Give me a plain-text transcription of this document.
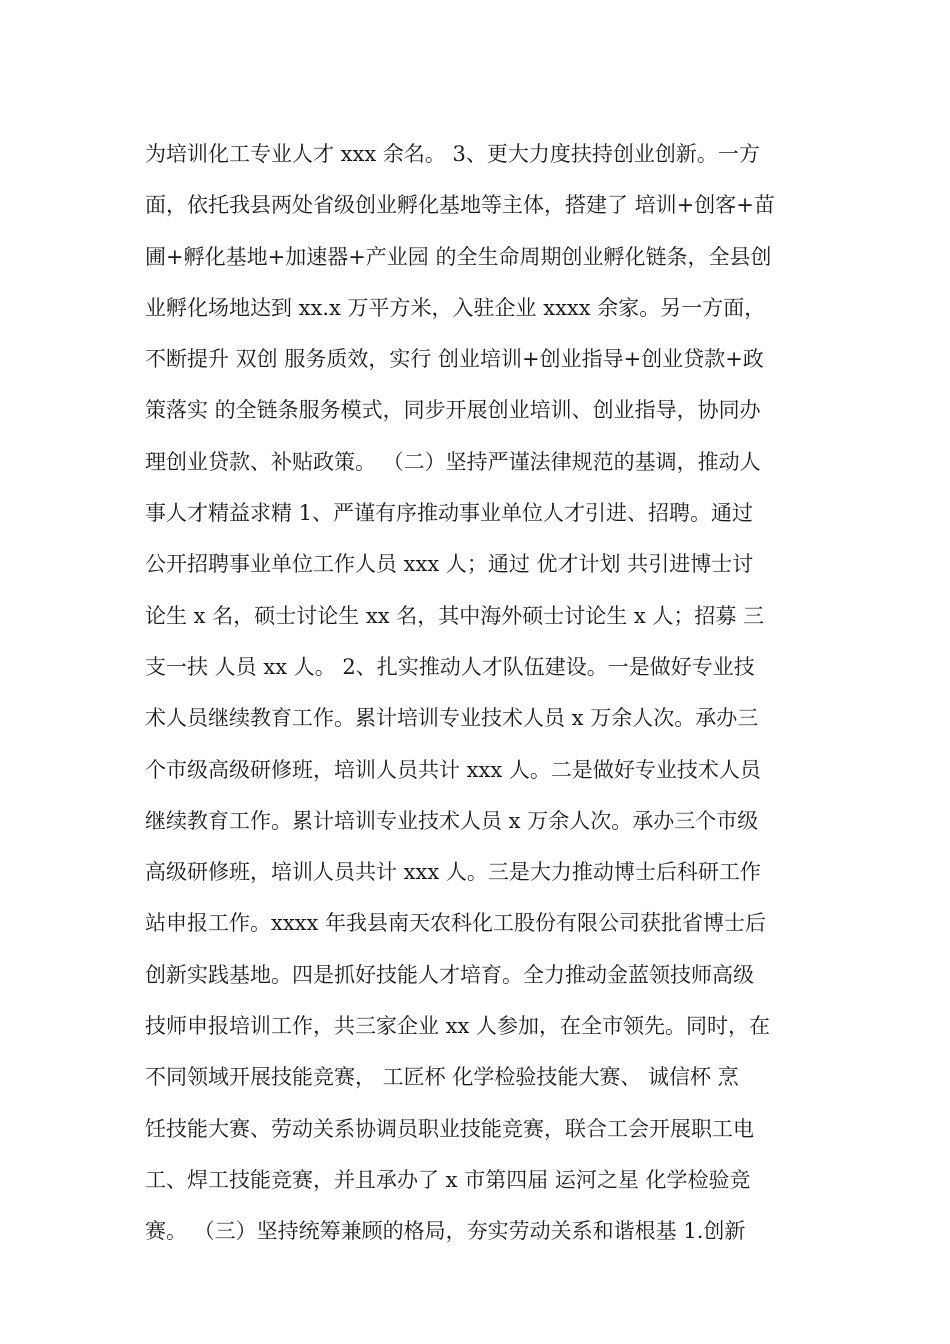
为培训化工专业人才 xxx 余名。 3、更大力度扶持创业创新。一方
面，依托我县两处省级创业孵化基地等主体，搭建了 培训+创客+苗
圃+孵化基地+加速器+产业园 的全生命周期创业孵化链条，全县创
业孵化场地达到 xx.x 万平方米，入驻企业 xxxx 余家。另一方面，
不断提升 双创 服务质效，实行 创业培训+创业指导+创业贷款+政
策落实 的全链条服务模式，同步开展创业培训、创业指导，协同办
理创业贷款、补贴政策。 （二）坚持严谨法律规范的基调，推动人
事人才精益求精 1、严谨有序推动事业单位人才引进、招聘。通过
公开招聘事业单位工作人员 xxx 人；通过 优才计划 共引进博士讨
论生 x 名，硕士讨论生 xx 名，其中海外硕士讨论生 x 人；招募 三
支一扶 人员 xx 人。 2、扎实推动人才队伍建设。一是做好专业技
术人员继续教育工作。累计培训专业技术人员 x 万余人次。承办三
个市级高级研修班，培训人员共计 xxx 人。二是做好专业技术人员
继续教育工作。累计培训专业技术人员 x 万余人次。承办三个市级
高级研修班，培训人员共计 xxx 人。三是大力推动博士后科研工作
站申报工作。xxxx 年我县南天农科化工股份有限公司获批省博士后
创新实践基地。四是抓好技能人才培育。全力推动金蓝领技师高级
技师申报培训工作，共三家企业 xx 人参加，在全市领先。同时，在
不同领域开展技能竞赛， 工匠杯 化学检验技能大赛、 诚信杯 烹
饪技能大赛、劳动关系协调员职业技能竞赛，联合工会开展职工电
工、焊工技能竞赛，并且承办了 x 市第四届 运河之星 化学检验竞
赛。 （三）坚持统筹兼顾的格局，夯实劳动关系和谐根基 1.创新
